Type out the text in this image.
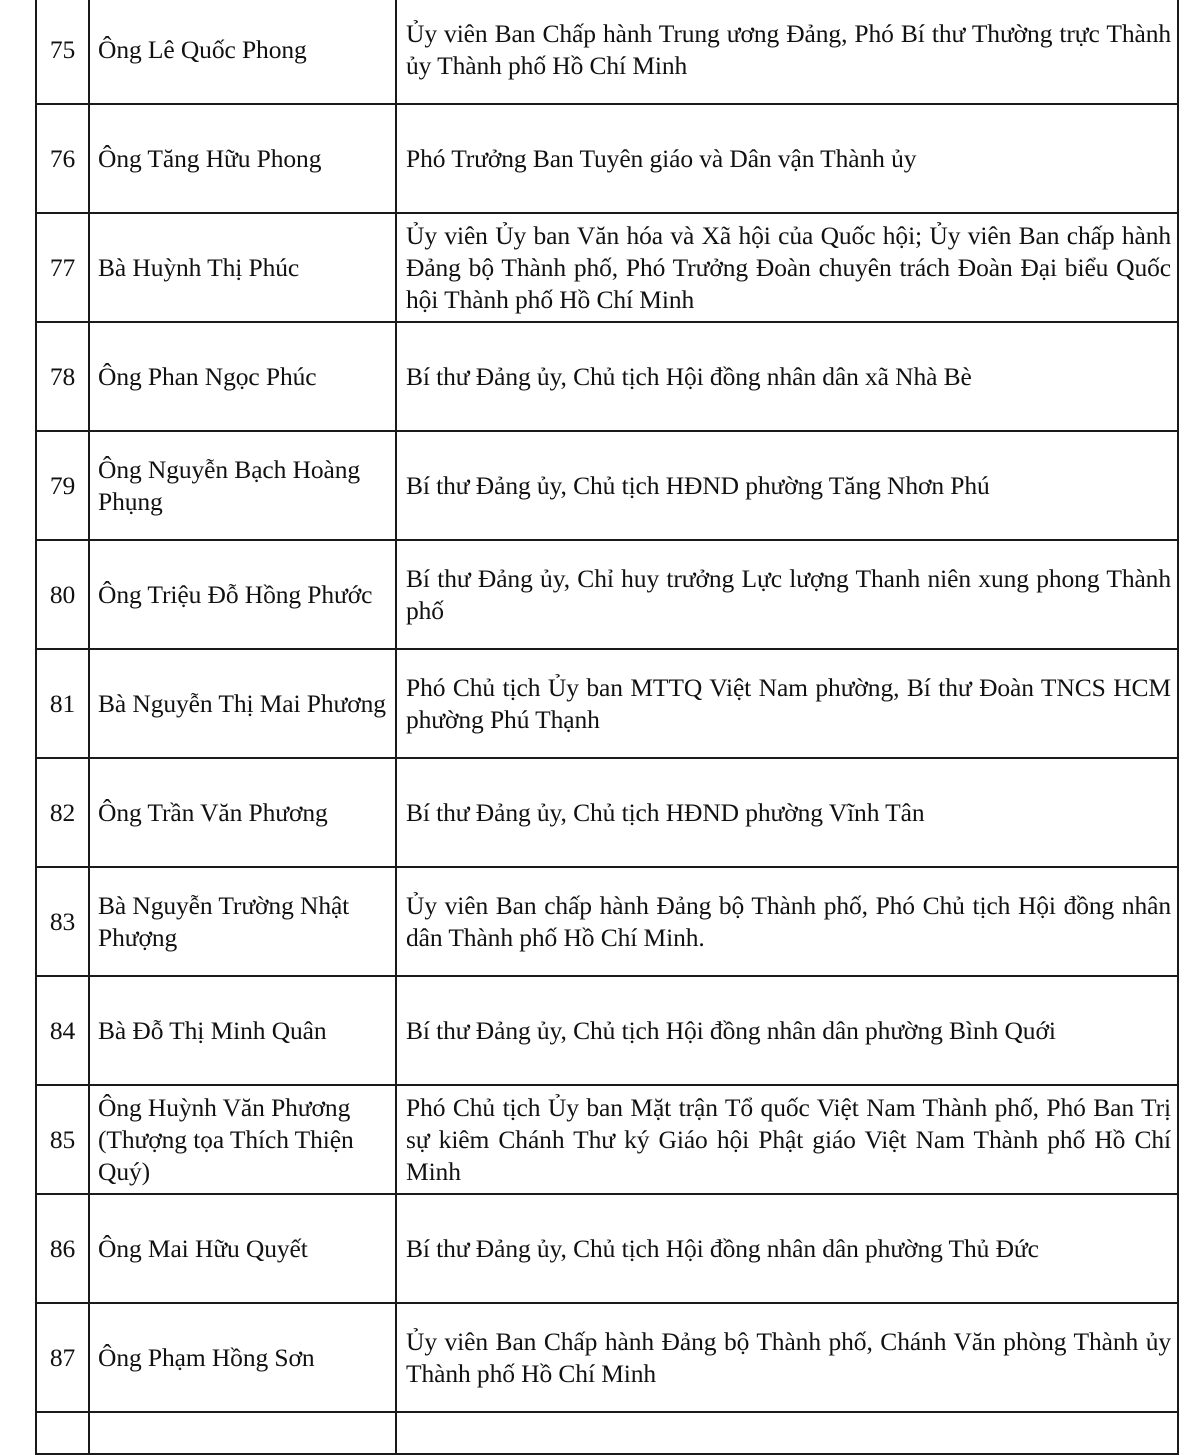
75	Ông Lê Quốc Phong	Ủy viên Ban Chấp hành Trung ương Đảng, Phó Bí thư Thường trực Thành ủy Thành phố Hồ Chí Minh
76	Ông Tăng Hữu Phong	Phó Trưởng Ban Tuyên giáo và Dân vận Thành ủy
77	Bà Huỳnh Thị Phúc	Ủy viên Ủy ban Văn hóa và Xã hội của Quốc hội; Ủy viên Ban chấp hành Đảng bộ Thành phố, Phó Trưởng Đoàn chuyên trách Đoàn Đại biểu Quốc hội Thành phố Hồ Chí Minh
78	Ông Phan Ngọc Phúc	Bí thư Đảng ủy, Chủ tịch Hội đồng nhân dân xã Nhà Bè
79	Ông Nguyễn Bạch Hoàng Phụng	Bí thư Đảng ủy, Chủ tịch HĐND phường Tăng Nhơn Phú
80	Ông Triệu Đỗ Hồng Phước	Bí thư Đảng ủy, Chỉ huy trưởng Lực lượng Thanh niên xung phong Thành phố
81	Bà Nguyễn Thị Mai Phương	Phó Chủ tịch Ủy ban MTTQ Việt Nam phường, Bí thư Đoàn TNCS HCM phường Phú Thạnh
82	Ông Trần Văn Phương	Bí thư Đảng ủy, Chủ tịch HĐND phường Vĩnh Tân
83	Bà Nguyễn Trường Nhật Phượng	Ủy viên Ban chấp hành Đảng bộ Thành phố, Phó Chủ tịch Hội đồng nhân dân Thành phố Hồ Chí Minh.
84	Bà Đỗ Thị Minh Quân	Bí thư Đảng ủy, Chủ tịch Hội đồng nhân dân phường Bình Quới
85	Ông Huỳnh Văn Phương (Thượng tọa Thích Thiện Quý)	Phó Chủ tịch Ủy ban Mặt trận Tổ quốc Việt Nam Thành phố, Phó Ban Trị sự kiêm Chánh Thư ký Giáo hội Phật giáo Việt Nam Thành phố Hồ Chí Minh
86	Ông Mai Hữu Quyết	Bí thư Đảng ủy, Chủ tịch Hội đồng nhân dân phường Thủ Đức
87	Ông Phạm Hồng Sơn	Ủy viên Ban Chấp hành Đảng bộ Thành phố, Chánh Văn phòng Thành ủy Thành phố Hồ Chí Minh
